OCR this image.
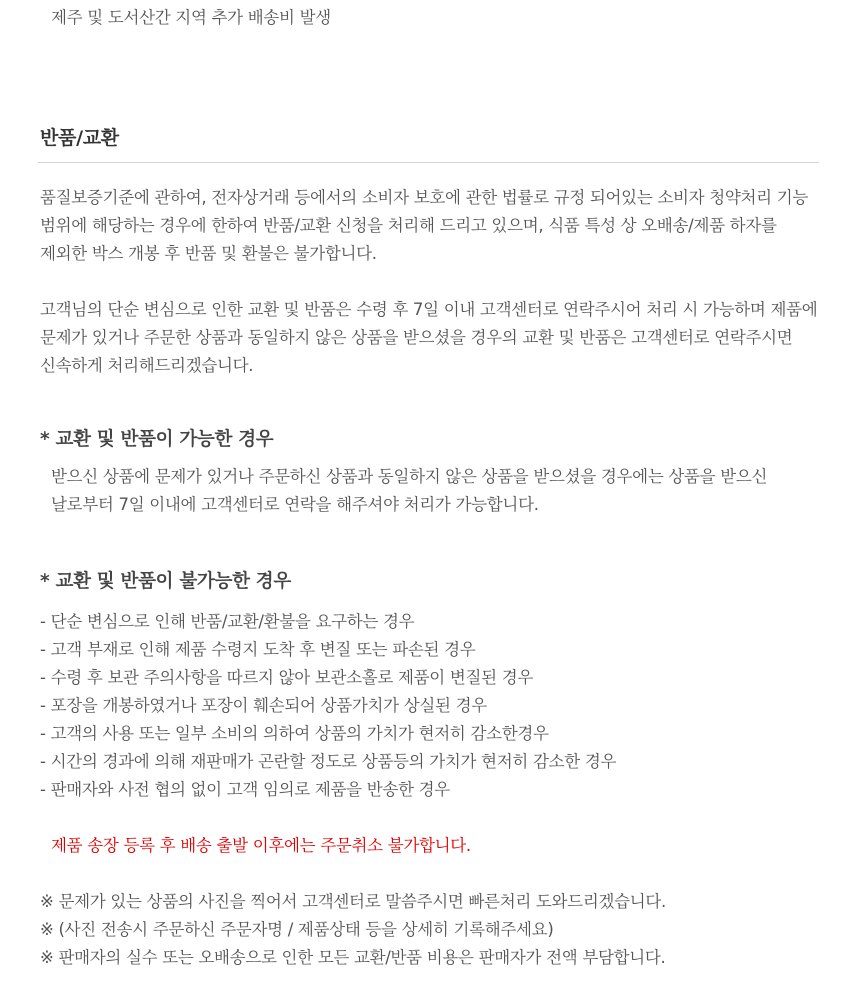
제주 및 도서산간 지역 추가 배송비 발생
반품/교환
품질보증기준에 관하여, 전자상거래 등에서의 소비자 보호에 관한 법률로 규정 되어있는 소비자 청약처리 기능
범위에 해당하는 경우에 한하여 반품/교환 신청을 처리해 드리고 있으며, 식품 특성 상 오배송/제품 하자를
제외한 박스 개봉 후 반품 및 환불은 불가합니다.
고객님의 단순 변심으로 인한 교환 및 반품은 수령 후 7일 이내 고객센터로 연락주시어 처리 시 가능하며 제품에
문제가 있거나 주문한 상품과 동일하지 않은 상품을 받으셨을 경우의 교환 및 반품은 고객센터로 연락주시면
신속하게 처리해드리겠습니다.
* 교환 및 반품이 가능한 경우
받으신 상품에 문제가 있거나 주문하신 상품과 동일하지 않은 상품을 받으셨을 경우에는 상품을 받으신
날로부터 7일 이내에 고객센터로 연락을 해주셔야 처리가 가능합니다.
* 교환 및 반품이 불가능한 경우
- 단순 변심으로 인해 반품/교환/환불을 요구하는 경우
- 고객 부재로 인해 제품 수령지 도착 후 변질 또는 파손된 경우
- 수령 후 보관 주의사항을 따르지 않아 보관소홀로 제품이 변질된 경우
- 포장을 개봉하였거나 포장이 훼손되어 상품가치가 상실된 경우
- 고객의 사용 또는 일부 소비의 의하여 상품의 가치가 현저히 감소한경우
- 시간의 경과에 의해 재판매가 곤란할 정도로 상품등의 가치가 현저히 감소한 경우
- 판매자와 사전 협의 없이 고객 임의로 제품을 반송한 경우
제품 송장 등록 후 배송 출발 이후에는 주문취소 불가합니다.
※ 문제가 있는 상품의 사진을 찍어서 고객센터로 말씀주시면 빠른처리 도와드리겠습니다.
※ (사진 전송시 주문하신 주문자명 / 제품상태 등을 상세히 기록해주세요)
※ 판매자의 실수 또는 오배송으로 인한 모든 교환/반품 비용은 판매자가 전액 부담합니다.
